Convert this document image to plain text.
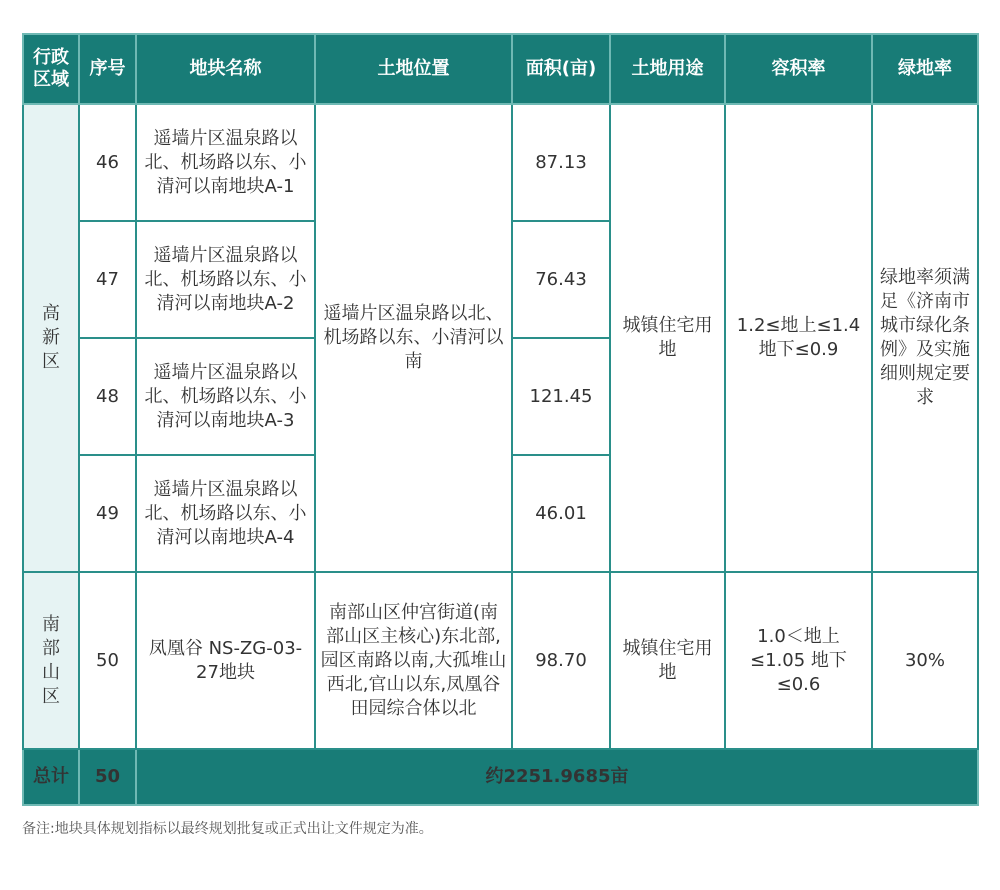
行政区域	序号	地块名称	土地位置	面积(亩)	土地用途	容积率	绿地率
高新区	46	遥墙片区温泉路以北、机场路以东、小清河以南地块A-1	遥墙片区温泉路以北、机场路以东、小清河以南	87.13	城镇住宅用地	1.2≤地上≤1.4 地下≤0.9	绿地率须满足《济南市城市绿化条例》及实施细则规定要求
	47	遥墙片区温泉路以北、机场路以东、小清河以南地块A-2		76.43			
	48	遥墙片区温泉路以北、机场路以东、小清河以南地块A-3		121.45			
	49	遥墙片区温泉路以北、机场路以东、小清河以南地块A-4		46.01			
南部山区	50	凤凰谷 NS-ZG-03-27地块	南部山区仲宫街道(南部山区主核心)东北部,园区南路以南,大孤堆山西北,官山以东,凤凰谷田园综合体以北	98.70	城镇住宅用地	1.0＜地上≤1.05 地下≤0.6	30%
总计	50	约2251.9685亩					
备注:地块具体规划指标以最终规划批复或正式出让文件规定为准。
